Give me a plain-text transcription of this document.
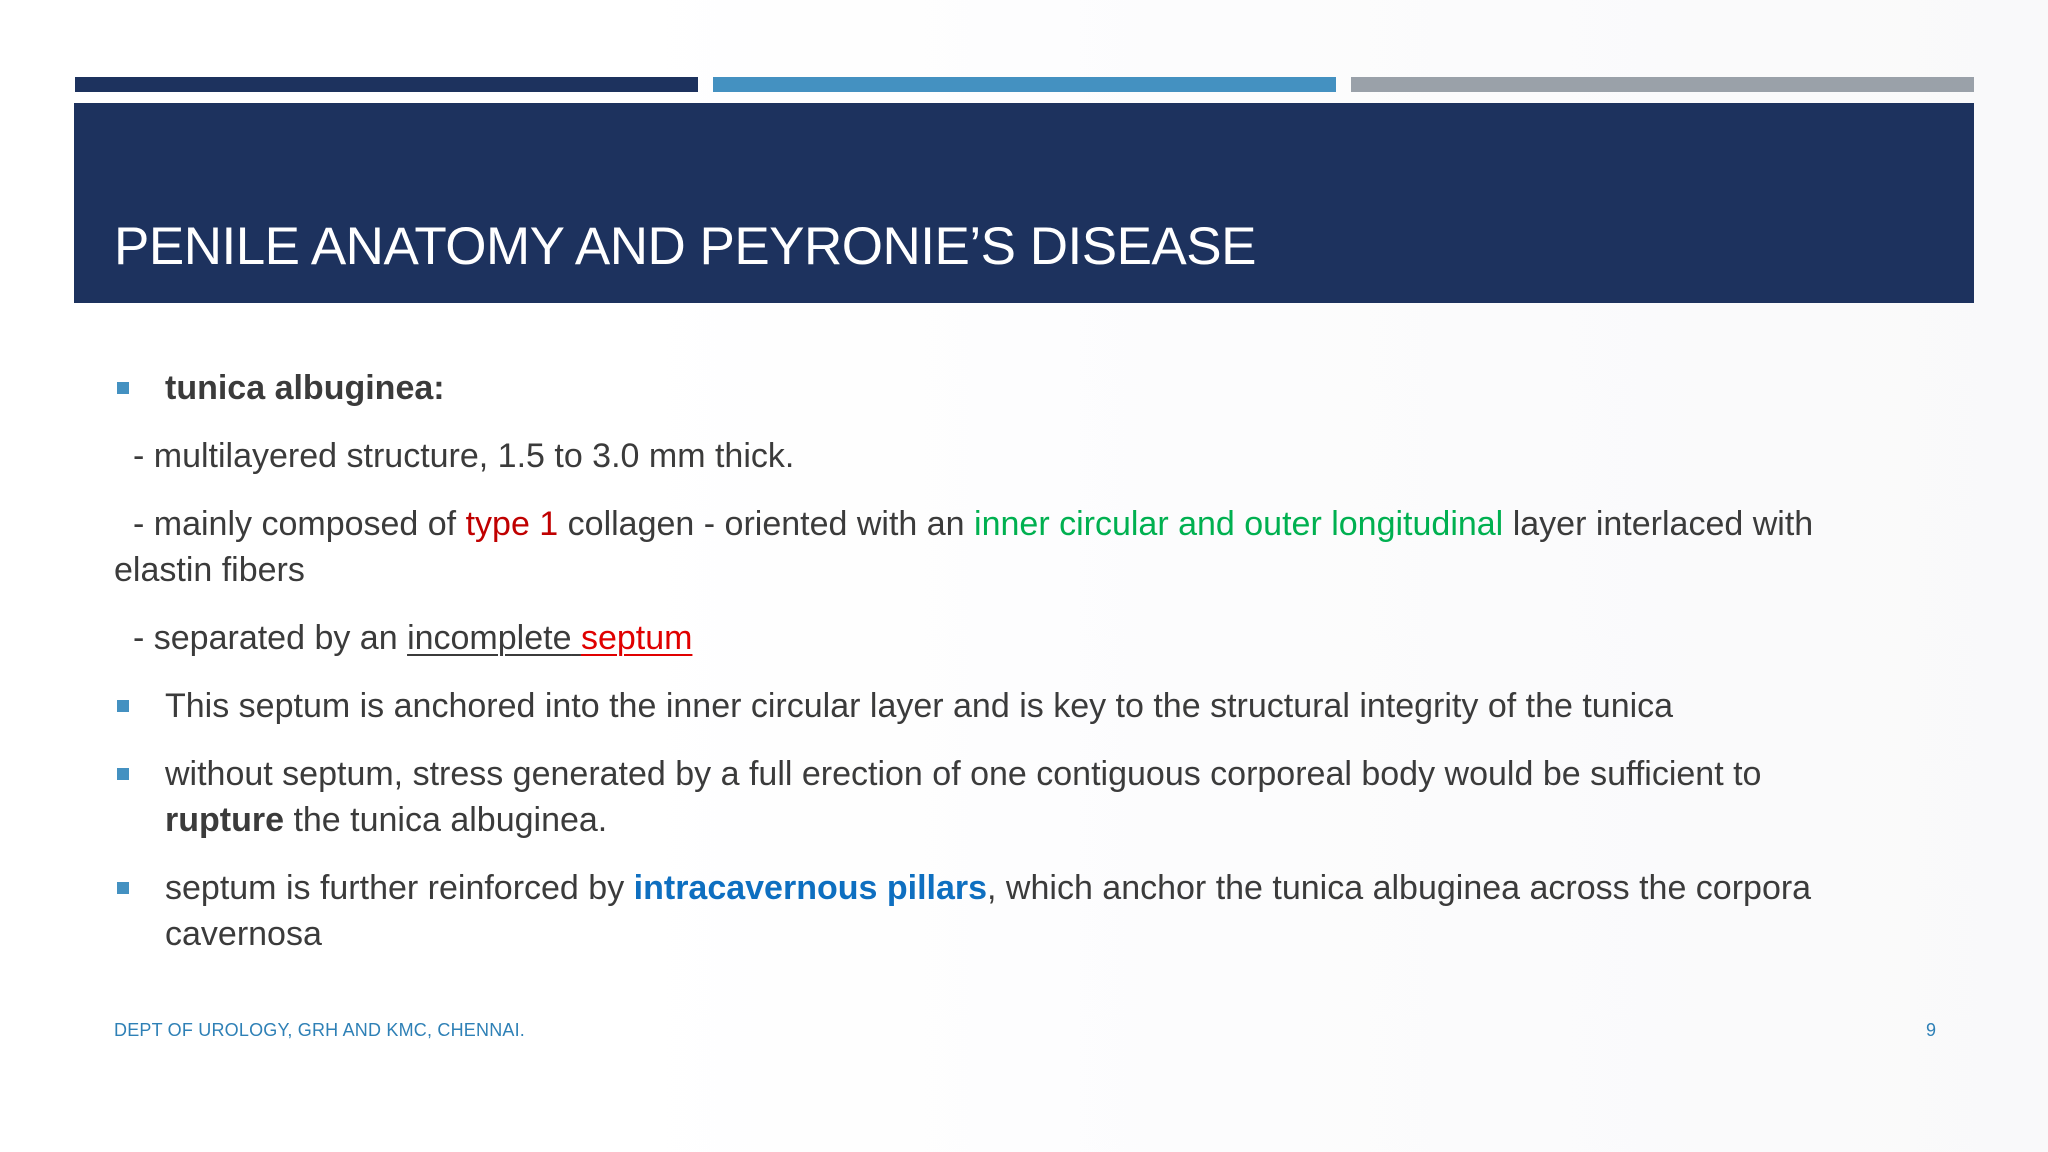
PENILE ANATOMY AND PEYRONIE’S DISEASE

tunica albuginea:

- multilayered structure, 1.5 to 3.0 mm thick.

- mainly composed of type 1 collagen - oriented with an inner circular and outer longitudinal layer interlaced with

elastin fibers

- separated by an incomplete septum

This septum is anchored into the inner circular layer and is key to the structural integrity of the tunica

without septum, stress generated by a full erection of one contiguous corporeal body would be sufficient to
rupture the tunica albuginea.

septum is further reinforced by intracavernous pillars, which anchor the tunica albuginea across the corpora
cavernosa

DEPT OF UROLOGY, GRH AND KMC, CHENNAI.	9
